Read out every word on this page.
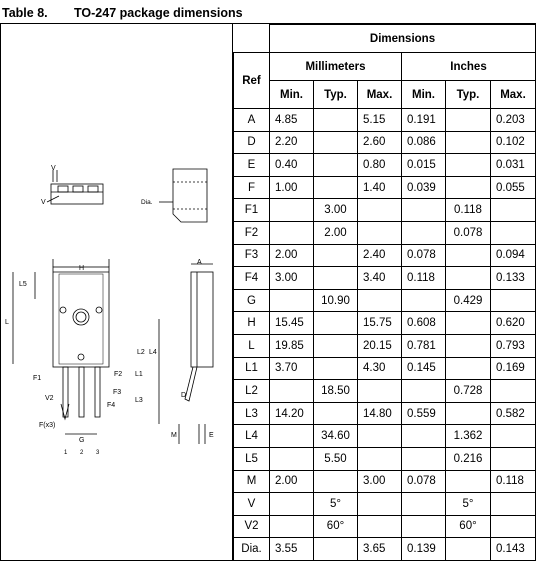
Table 8. TO-247 package dimensions
V
V	Dia.
H
L
L5
L2 L4
F1
F2 L1
F3
F4
L3
V2
F(x3)
G
1 2 3
A
D
M	E
	Dimensions					
Ref	Millimeters			Inches		
	Min.	Typ.	Max.	Min.	Typ.	Max.
A	4.85		5.15	0.191		0.203
D	2.20		2.60	0.086		0.102
E	0.40		0.80	0.015		0.031
F	1.00		1.40	0.039		0.055
F1		3.00			0.118	
F2		2.00			0.078	
F3	2.00		2.40	0.078		0.094
F4	3.00		3.40	0.118		0.133
G		10.90			0.429	
H	15.45		15.75	0.608		0.620
L	19.85		20.15	0.781		0.793
L1	3.70		4.30	0.145		0.169
L2		18.50			0.728	
L3	14.20		14.80	0.559		0.582
L4		34.60			1.362	
L5		5.50			0.216	
M	2.00		3.00	0.078		0.118
V		5°			5°	
V2		60°			60°	
Dia.	3.55		3.65	0.139		0.143
